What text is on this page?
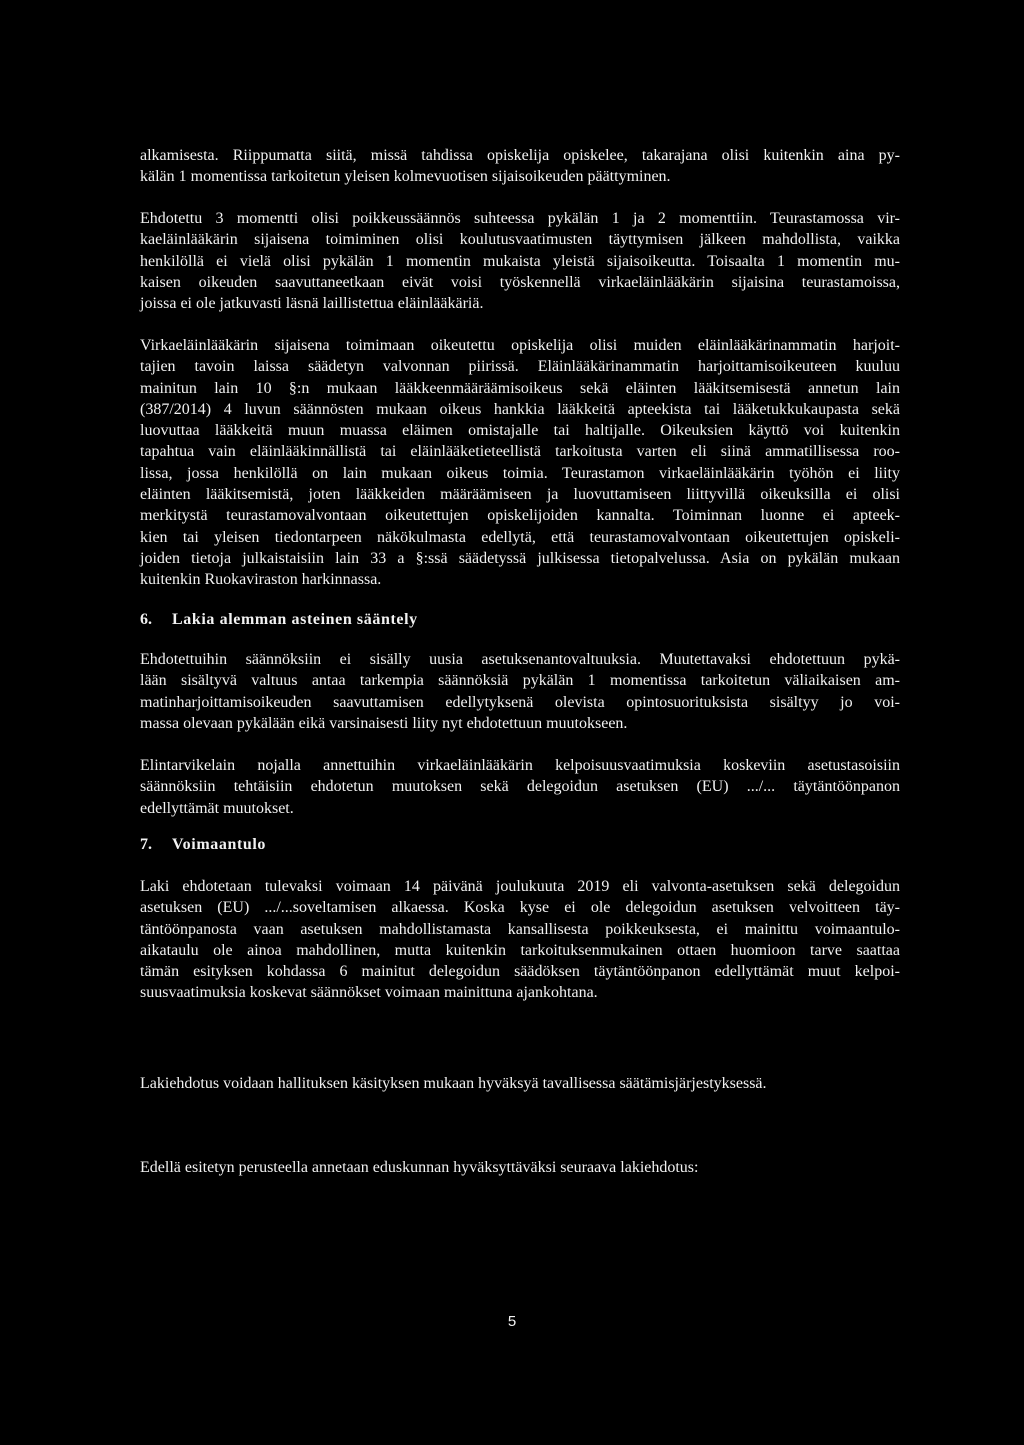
alkamisesta. Riippumatta siitä, missä tahdissa opiskelija opiskelee, takarajana olisi kuitenkin aina py-
kälän 1 momentissa tarkoitetun yleisen kolmevuotisen sijaisoikeuden päättyminen.

Ehdotettu 3 momentti olisi poikkeussäännös suhteessa pykälän 1 ja 2 momenttiin. Teurastamossa vir-
kaeläinlääkärin sijaisena toimiminen olisi koulutusvaatimusten täyttymisen jälkeen mahdollista, vaikka
henkilöllä ei vielä olisi pykälän 1 momentin mukaista yleistä sijaisoikeutta. Toisaalta 1 momentin mu-
kaisen oikeuden saavuttaneetkaan eivät voisi työskennellä virkaeläinlääkärin sijaisina teurastamoissa,
joissa ei ole jatkuvasti läsnä laillistettua eläinlääkäriä.

Virkaeläinlääkärin sijaisena toimimaan oikeutettu opiskelija olisi muiden eläinlääkärinammatin harjoit-
tajien tavoin laissa säädetyn valvonnan piirissä. Eläinlääkärinammatin harjoittamisoikeuteen kuuluu
mainitun lain 10 §:n mukaan lääkkeenmääräämisoikeus sekä eläinten lääkitsemisestä annetun lain
(387/2014) 4 luvun säännösten mukaan oikeus hankkia lääkkeitä apteekista tai lääketukkukaupasta sekä
luovuttaa lääkkeitä muun muassa eläimen omistajalle tai haltijalle. Oikeuksien käyttö voi kuitenkin
tapahtua vain eläinlääkinnällistä tai eläinlääketieteellistä tarkoitusta varten eli siinä ammatillisessa roo-
lissa, jossa henkilöllä on lain mukaan oikeus toimia. Teurastamon virkaeläinlääkärin työhön ei liity
eläinten lääkitsemistä, joten lääkkeiden määräämiseen ja luovuttamiseen liittyvillä oikeuksilla ei olisi
merkitystä teurastamovalvontaan oikeutettujen opiskelijoiden kannalta. Toiminnan luonne ei apteek-
kien tai yleisen tiedontarpeen näkökulmasta edellytä, että teurastamovalvontaan oikeutettujen opiskeli-
joiden tietoja julkaistaisiin lain 33 a §:ssä säädetyssä julkisessa tietopalvelussa. Asia on pykälän mukaan
kuitenkin Ruokaviraston harkinnassa.

6. Lakia alemman asteinen sääntely

Ehdotettuihin säännöksiin ei sisälly uusia asetuksenantovaltuuksia. Muutettavaksi ehdotettuun pykä-
lään sisältyvä valtuus antaa tarkempia säännöksiä pykälän 1 momentissa tarkoitetun väliaikaisen am-
matinharjoittamisoikeuden saavuttamisen edellytyksenä olevista opintosuorituksista sisältyy jo voi-
massa olevaan pykälään eikä varsinaisesti liity nyt ehdotettuun muutokseen.

Elintarvikelain nojalla annettuihin virkaeläinlääkärin kelpoisuusvaatimuksia koskeviin asetustasoisiin
säännöksiin tehtäisiin ehdotetun muutoksen sekä delegoidun asetuksen (EU) .../... täytäntöönpanon
edellyttämät muutokset.

7. Voimaantulo

Laki ehdotetaan tulevaksi voimaan 14 päivänä joulukuuta 2019 eli valvonta-asetuksen sekä delegoidun
asetuksen (EU) .../...soveltamisen alkaessa. Koska kyse ei ole delegoidun asetuksen velvoitteen täy-
täntöönpanosta vaan asetuksen mahdollistamasta kansallisesta poikkeuksesta, ei mainittu voimaantulo-
aikataulu ole ainoa mahdollinen, mutta kuitenkin tarkoituksenmukainen ottaen huomioon tarve saattaa
tämän esityksen kohdassa 6 mainitut delegoidun säädöksen täytäntöönpanon edellyttämät muut kelpoi-
suusvaatimuksia koskevat säännökset voimaan mainittuna ajankohtana.

Lakiehdotus voidaan hallituksen käsityksen mukaan hyväksyä tavallisessa säätämisjärjestyksessä.

Edellä esitetyn perusteella annetaan eduskunnan hyväksyttäväksi seuraava lakiehdotus:

5
